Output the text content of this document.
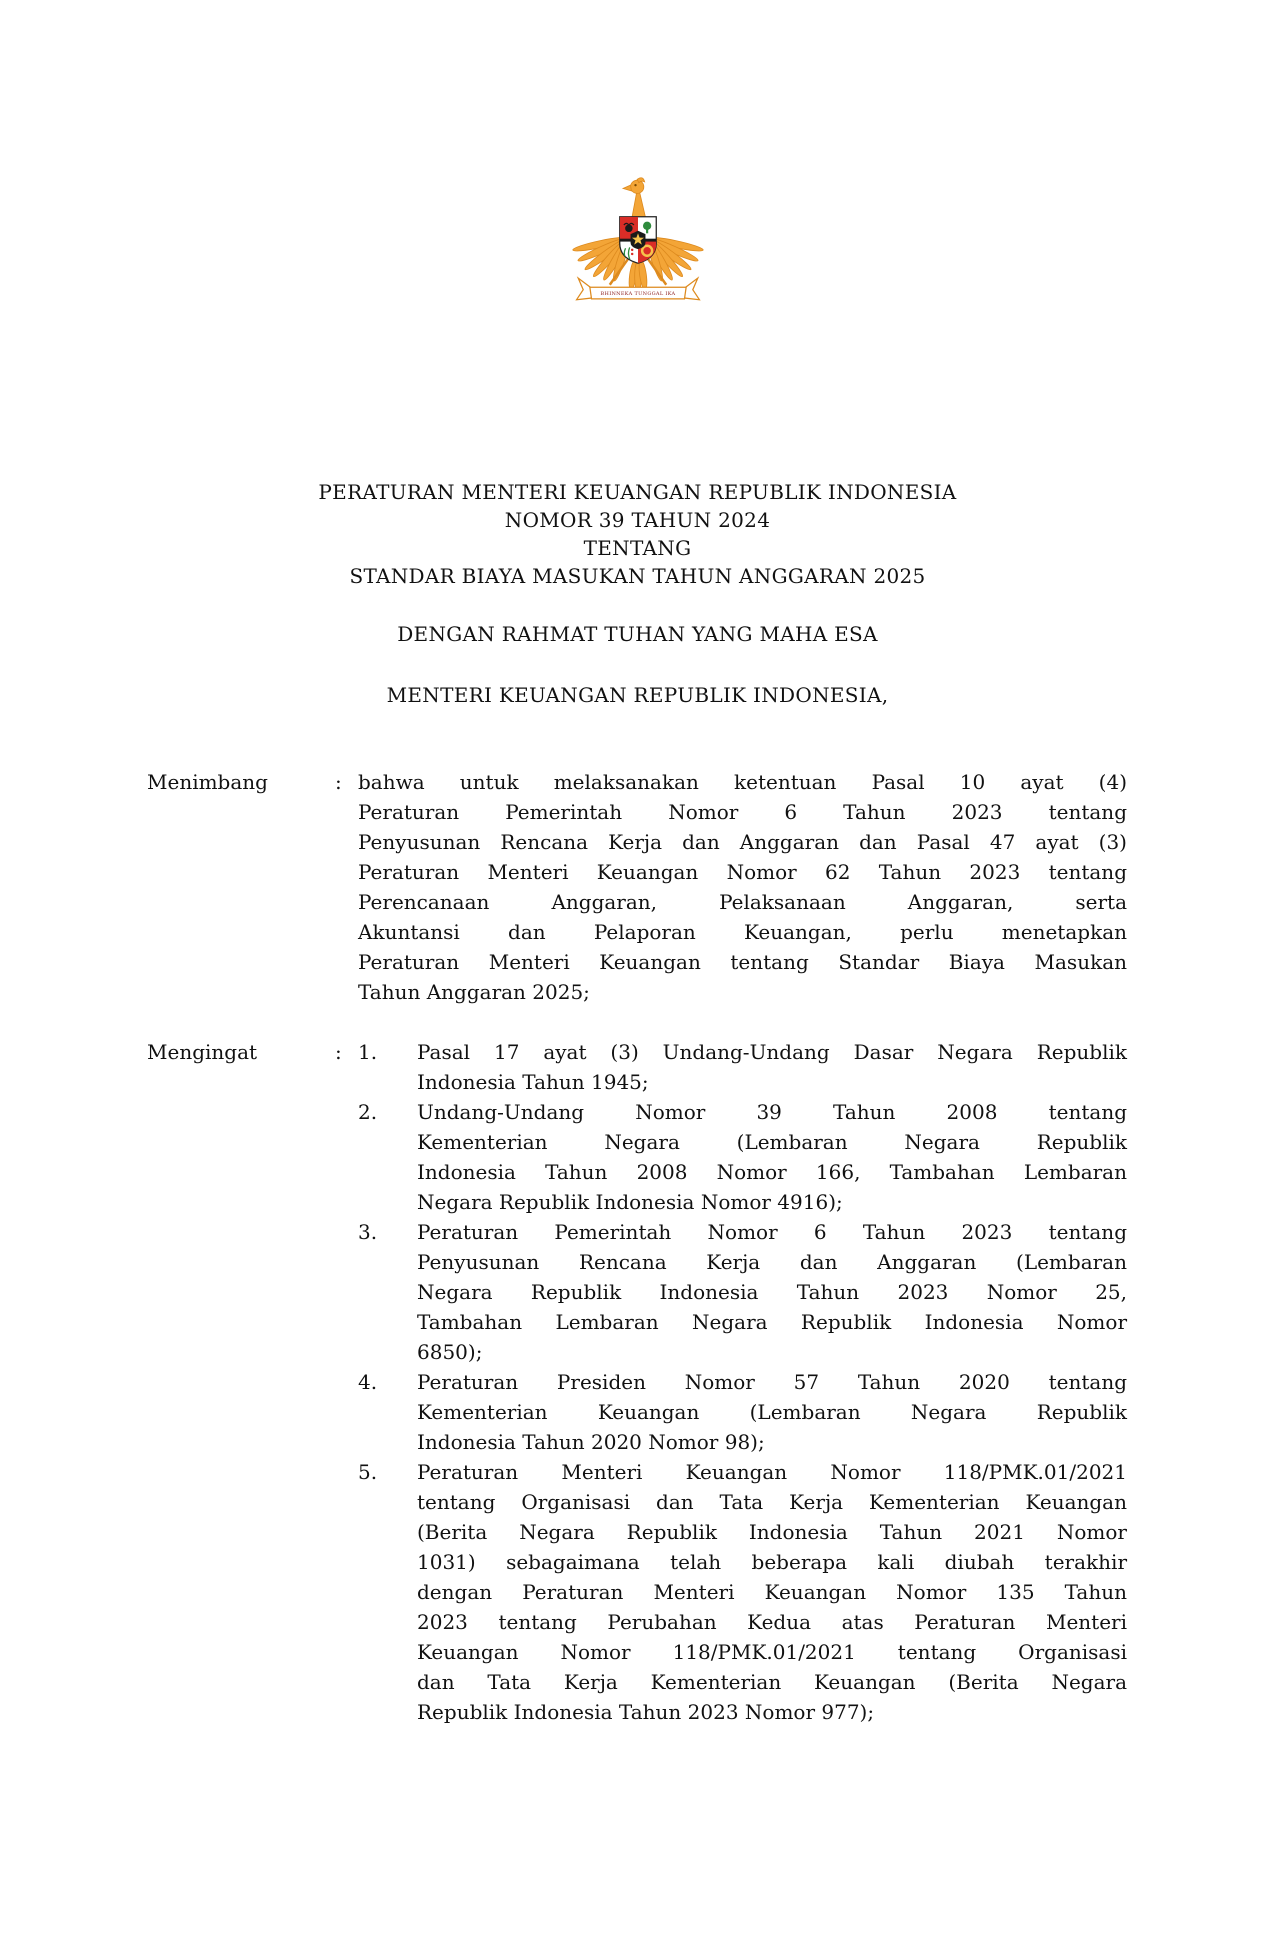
BHINNEKA TUNGGAL IKA
PERATURAN MENTERI KEUANGAN REPUBLIK INDONESIA
NOMOR 39 TAHUN 2024
TENTANG
STANDAR BIAYA MASUKAN TAHUN ANGGARAN 2025
DENGAN RAHMAT TUHAN YANG MAHA ESA
MENTERI KEUANGAN REPUBLIK INDONESIA,
Menimbang	: bahwa untuk melaksanakan ketentuan Pasal 10 ayat (4)
Peraturan Pemerintah Nomor 6 Tahun 2023 tentang
Penyusunan Rencana Kerja dan Anggaran dan Pasal 47 ayat (3)
Peraturan Menteri Keuangan Nomor 62 Tahun 2023 tentang
Perencanaan Anggaran, Pelaksanaan Anggaran, serta
Akuntansi dan Pelaporan Keuangan, perlu menetapkan
Peraturan Menteri Keuangan tentang Standar Biaya Masukan
Tahun Anggaran 2025;
Mengingat	: 1.	Pasal 17 ayat (3) Undang-Undang Dasar Negara Republik
Indonesia Tahun 1945;
2.	Undang-Undang Nomor 39 Tahun 2008 tentang
Kementerian Negara (Lembaran Negara Republik
Indonesia Tahun 2008 Nomor 166, Tambahan Lembaran
Negara Republik Indonesia Nomor 4916);
3.	Peraturan Pemerintah Nomor 6 Tahun 2023 tentang
Penyusunan Rencana Kerja dan Anggaran (Lembaran
Negara Republik Indonesia Tahun 2023 Nomor 25,
Tambahan Lembaran Negara Republik Indonesia Nomor
6850);
4.	Peraturan Presiden Nomor 57 Tahun 2020 tentang
Kementerian Keuangan (Lembaran Negara Republik
Indonesia Tahun 2020 Nomor 98);
5.	Peraturan Menteri Keuangan Nomor 118/PMK.01/2021
tentang Organisasi dan Tata Kerja Kementerian Keuangan
(Berita Negara Republik Indonesia Tahun 2021 Nomor
1031) sebagaimana telah beberapa kali diubah terakhir
dengan Peraturan Menteri Keuangan Nomor 135 Tahun
2023 tentang Perubahan Kedua atas Peraturan Menteri
Keuangan Nomor 118/PMK.01/2021 tentang Organisasi
dan Tata Kerja Kementerian Keuangan (Berita Negara
Republik Indonesia Tahun 2023 Nomor 977);
